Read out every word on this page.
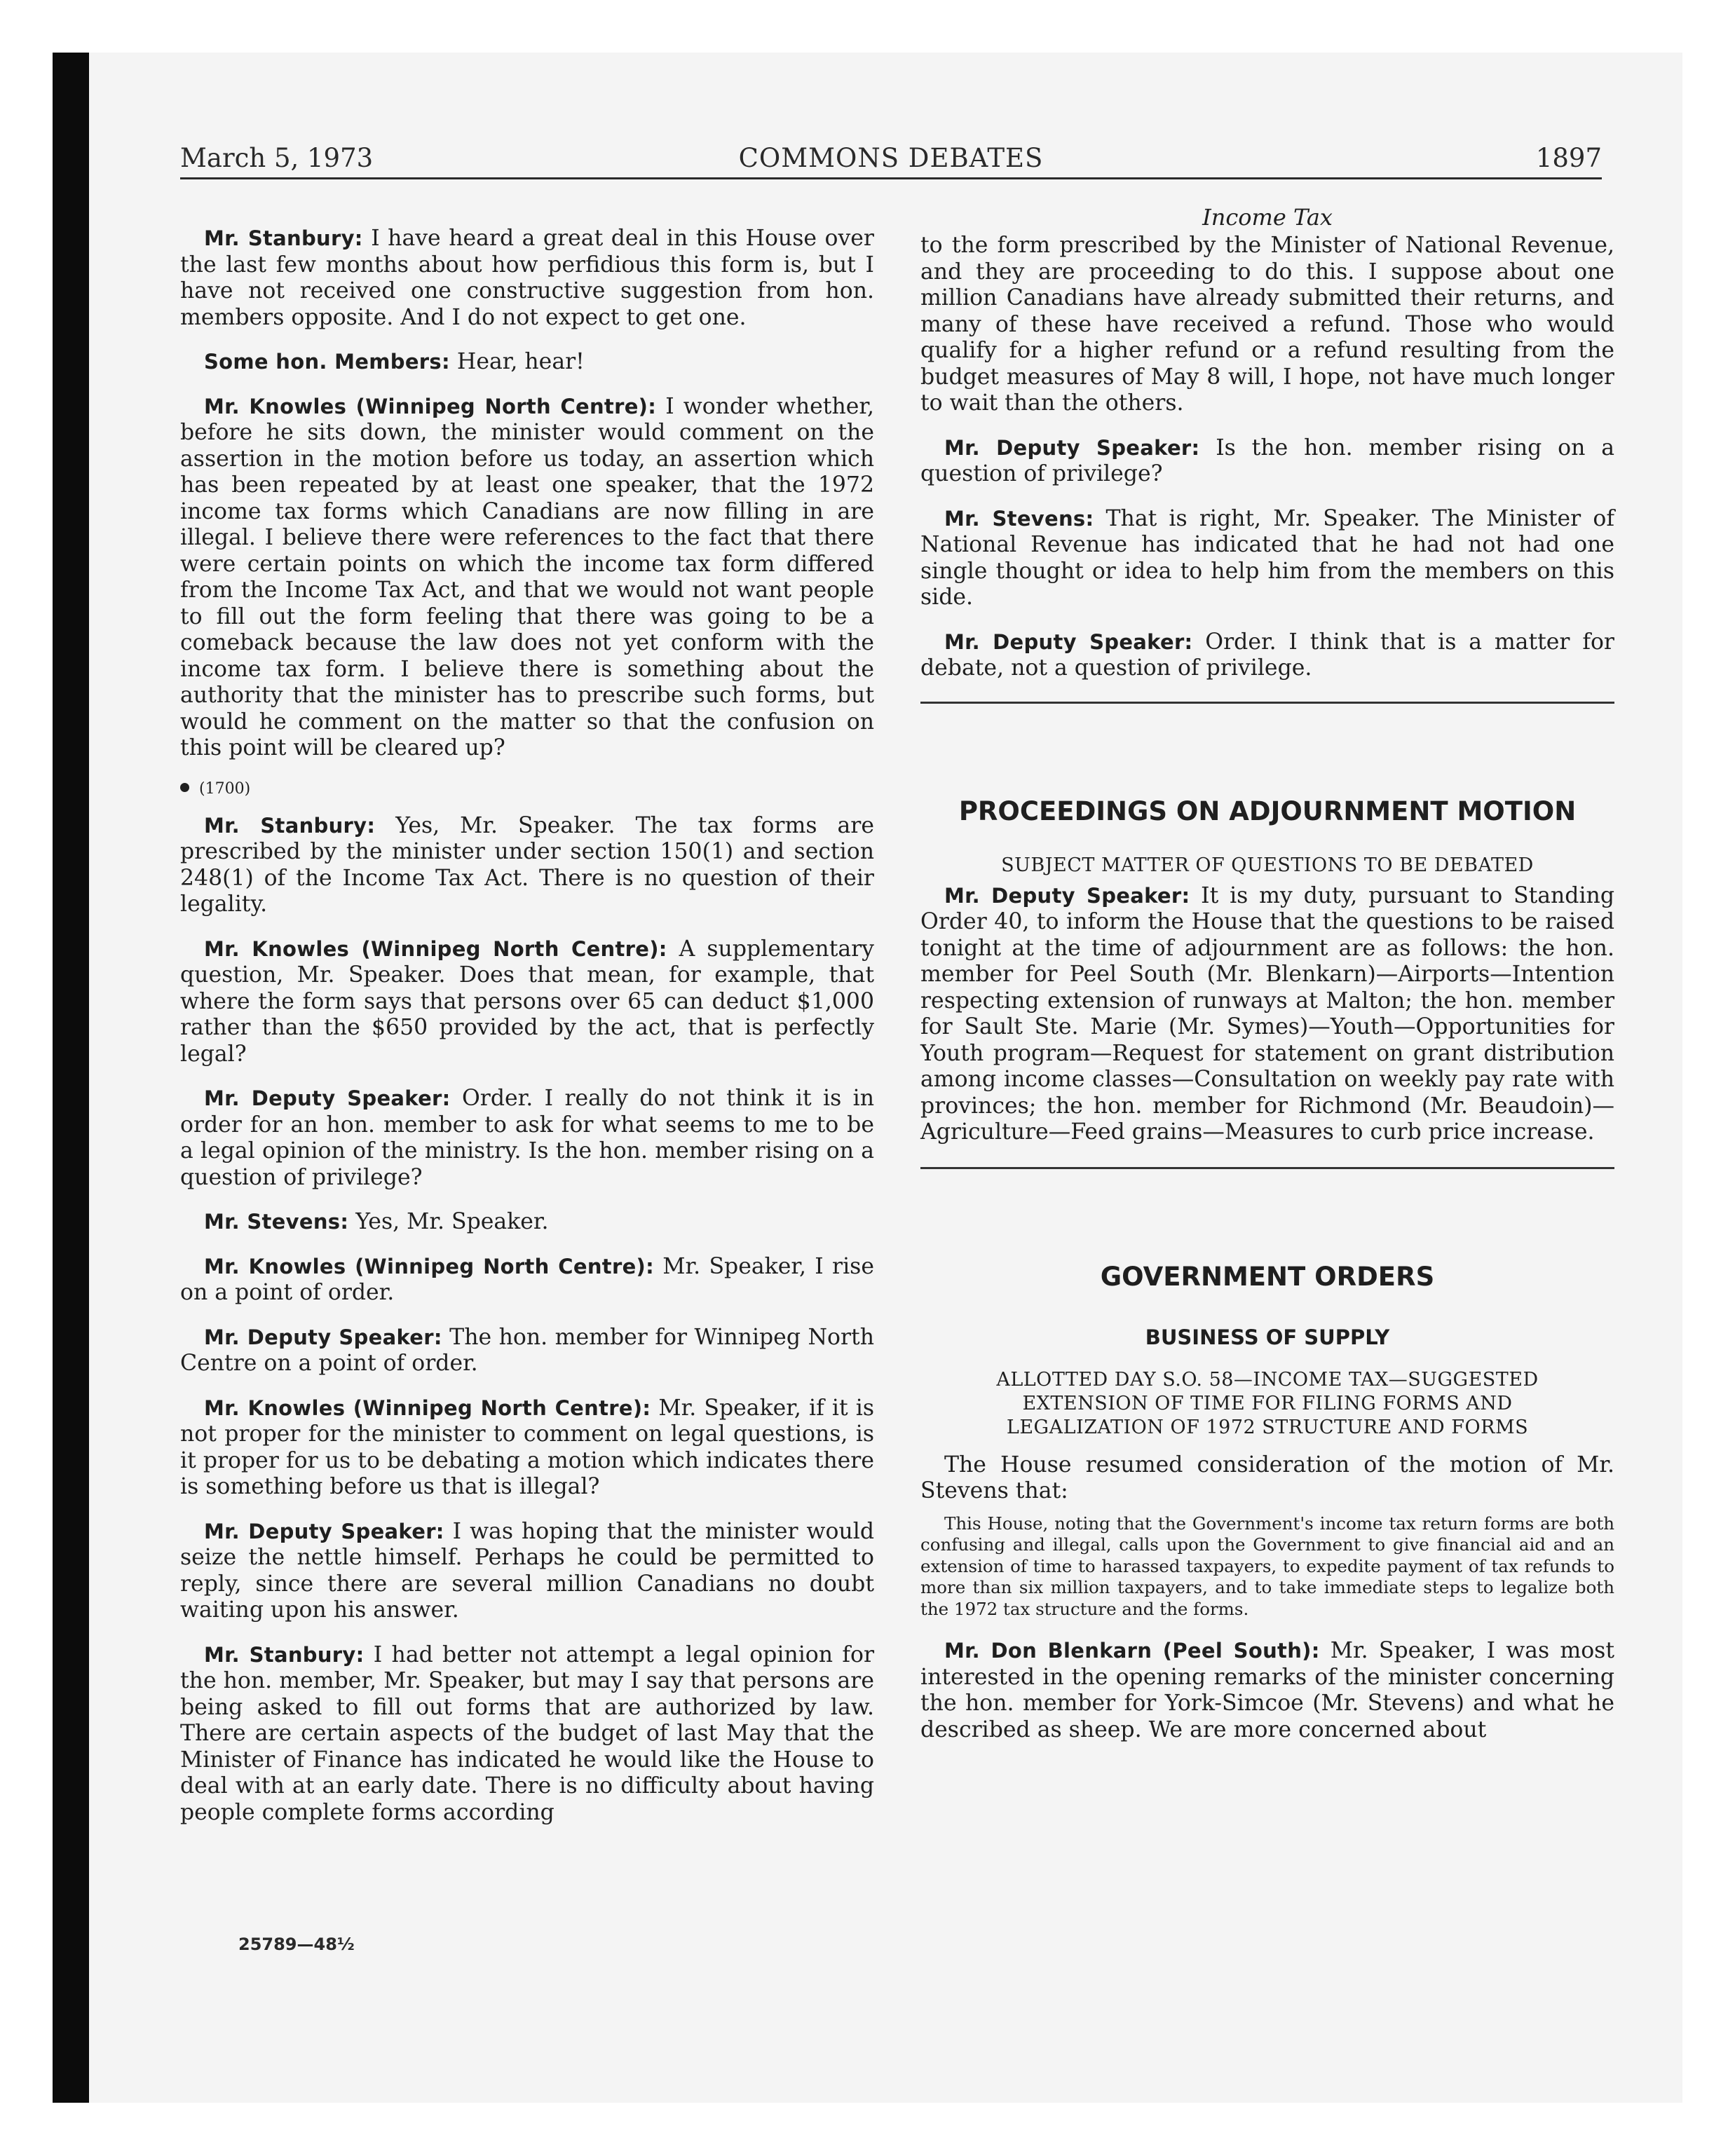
March 5, 1973	COMMONS DEBATES	1897

Mr. Stanbury: I have heard a great deal in this House over the last few months about how perfidious this form is, but I have not received one constructive suggestion from hon. members opposite. And I do not expect to get one.

Some hon. Members: Hear, hear!

Mr. Knowles (Winnipeg North Centre): I wonder whether, before he sits down, the minister would comment on the assertion in the motion before us today, an assertion which has been repeated by at least one speaker, that the 1972 income tax forms which Canadians are now filling in are illegal. I believe there were references to the fact that there were certain points on which the income tax form differed from the Income Tax Act, and that we would not want people to fill out the form feeling that there was going to be a comeback because the law does not yet conform with the income tax form. I believe there is something about the authority that the minister has to prescribe such forms, but would he comment on the matter so that the confusion on this point will be cleared up?

(1700)

Mr. Stanbury: Yes, Mr. Speaker. The tax forms are prescribed by the minister under section 150(1) and section 248(1) of the Income Tax Act. There is no question of their legality.

Mr. Knowles (Winnipeg North Centre): A supplementary question, Mr. Speaker. Does that mean, for example, that where the form says that persons over 65 can deduct $1,000 rather than the $650 provided by the act, that is perfectly legal?

Mr. Deputy Speaker: Order. I really do not think it is in order for an hon. member to ask for what seems to me to be a legal opinion of the ministry. Is the hon. member rising on a question of privilege?

Mr. Stevens: Yes, Mr. Speaker.

Mr. Knowles (Winnipeg North Centre): Mr. Speaker, I rise on a point of order.

Mr. Deputy Speaker: The hon. member for Winnipeg North Centre on a point of order.

Mr. Knowles (Winnipeg North Centre): Mr. Speaker, if it is not proper for the minister to comment on legal questions, is it proper for us to be debating a motion which indicates there is something before us that is illegal?

Mr. Deputy Speaker: I was hoping that the minister would seize the nettle himself. Perhaps he could be permitted to reply, since there are several million Canadians no doubt waiting upon his answer.

Mr. Stanbury: I had better not attempt a legal opinion for the hon. member, Mr. Speaker, but may I say that persons are being asked to fill out forms that are authorized by law. There are certain aspects of the budget of last May that the Minister of Finance has indicated he would like the House to deal with at an early date. There is no difficulty about having people complete forms according

Income Tax

to the form prescribed by the Minister of National Revenue, and they are proceeding to do this. I suppose about one million Canadians have already submitted their returns, and many of these have received a refund. Those who would qualify for a higher refund or a refund resulting from the budget measures of May 8 will, I hope, not have much longer to wait than the others.

Mr. Deputy Speaker: Is the hon. member rising on a question of privilege?

Mr. Stevens: That is right, Mr. Speaker. The Minister of National Revenue has indicated that he had not had one single thought or idea to help him from the members on this side.

Mr. Deputy Speaker: Order. I think that is a matter for debate, not a question of privilege.

PROCEEDINGS ON ADJOURNMENT MOTION
SUBJECT MATTER OF QUESTIONS TO BE DEBATED

Mr. Deputy Speaker: It is my duty, pursuant to Standing Order 40, to inform the House that the questions to be raised tonight at the time of adjournment are as follows: the hon. member for Peel South (Mr. Blenkarn)—Airports—Intention respecting extension of runways at Malton; the hon. member for Sault Ste. Marie (Mr. Symes)—Youth—Opportunities for Youth program—Request for statement on grant distribution among income classes—Consultation on weekly pay rate with provinces; the hon. member for Richmond (Mr. Beaudoin)—Agriculture—Feed grains—Measures to curb price increase.

GOVERNMENT ORDERS
BUSINESS OF SUPPLY
ALLOTTED DAY S.O. 58—INCOME TAX—SUGGESTED EXTENSION OF TIME FOR FILING FORMS AND LEGALIZATION OF 1972 STRUCTURE AND FORMS

The House resumed consideration of the motion of Mr. Stevens that:

This House, noting that the Government's income tax return forms are both confusing and illegal, calls upon the Government to give financial aid and an extension of time to harassed taxpayers, to expedite payment of tax refunds to more than six million taxpayers, and to take immediate steps to legalize both the 1972 tax structure and the forms.

Mr. Don Blenkarn (Peel South): Mr. Speaker, I was most interested in the opening remarks of the minister concerning the hon. member for York-Simcoe (Mr. Stevens) and what he described as sheep. We are more concerned about

25789—48½
